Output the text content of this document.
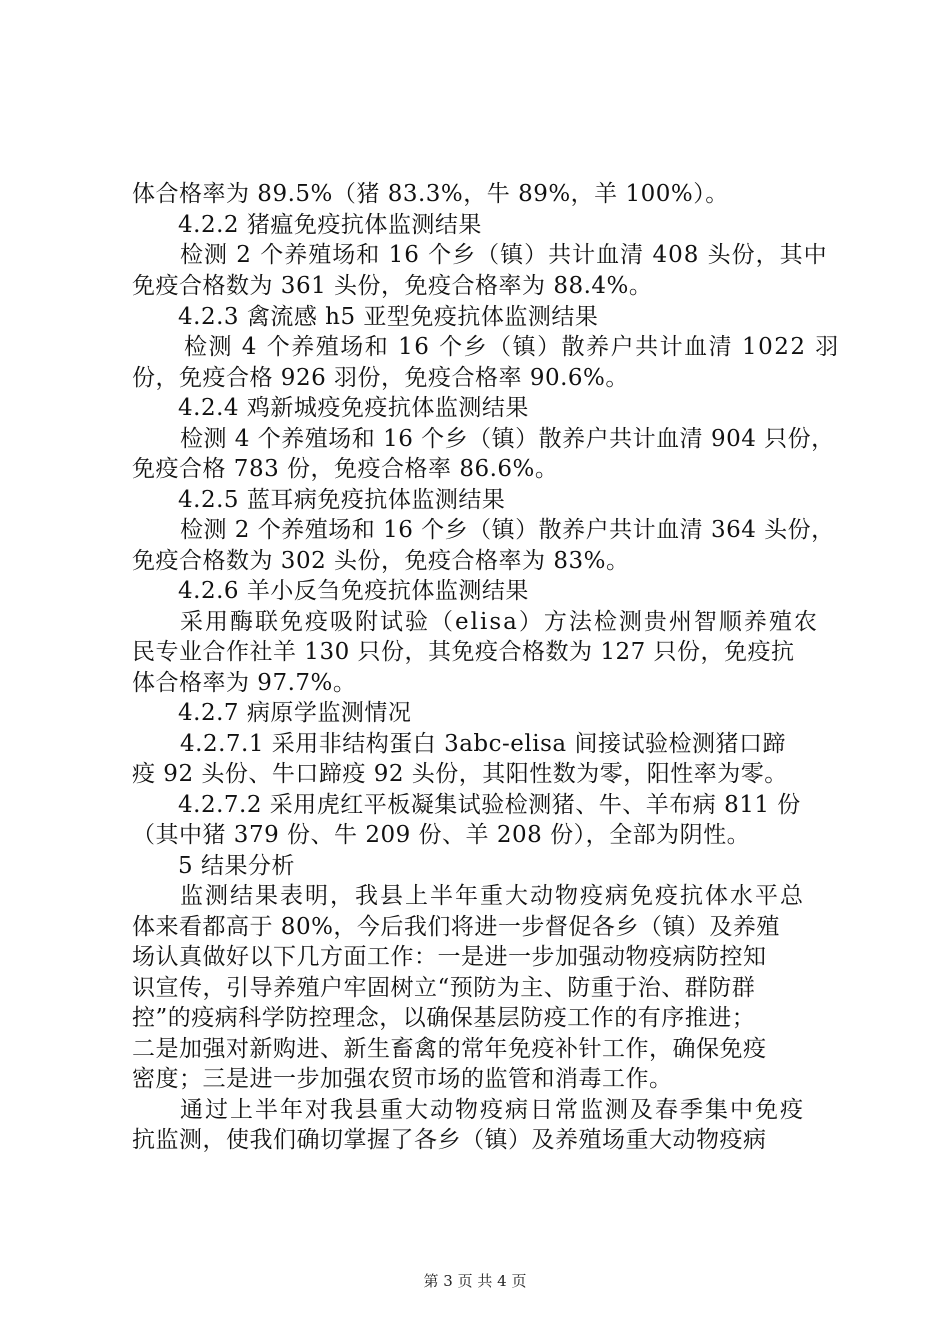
体合格率为 89.5%（猪 83.3%，牛 89%，羊 100%）。
4.2.2 猪瘟免疫抗体监测结果
检测 2 个养殖场和 16 个乡（镇）共计血清 408 头份，其中
免疫合格数为 361 头份，免疫合格率为 88.4%。
4.2.3 禽流感 h5 亚型免疫抗体监测结果
检测 4 个养殖场和 16 个乡（镇）散养户共计血清 1022 羽
份，免疫合格 926 羽份，免疫合格率 90.6%。
4.2.4 鸡新城疫免疫抗体监测结果
检测 4 个养殖场和 16 个乡（镇）散养户共计血清 904 只份，
免疫合格 783 份，免疫合格率 86.6%。
4.2.5 蓝耳病免疫抗体监测结果
检测 2 个养殖场和 16 个乡（镇）散养户共计血清 364 头份，
免疫合格数为 302 头份，免疫合格率为 83%。
4.2.6 羊小反刍免疫抗体监测结果
采用酶联免疫吸附试验（elisa）方法检测贵州智顺养殖农
民专业合作社羊 130 只份，其免疫合格数为 127 只份，免疫抗
体合格率为 97.7%。
4.2.7 病原学监测情况
4.2.7.1 采用非结构蛋白 3abc-elisa 间接试验检测猪口蹄
疫 92 头份、牛口蹄疫 92 头份，其阳性数为零，阳性率为零。
4.2.7.2 采用虎红平板凝集试验检测猪、牛、羊布病 811 份
（其中猪 379 份、牛 209 份、羊 208 份），全部为阴性。
5 结果分析
监测结果表明，我县上半年重大动物疫病免疫抗体水平总
体来看都高于 80%，今后我们将进一步督促各乡（镇）及养殖
场认真做好以下几方面工作：一是进一步加强动物疫病防控知
识宣传，引导养殖户牢固树立“预防为主、防重于治、群防群
控”的疫病科学防控理念，以确保基层防疫工作的有序推进；
二是加强对新购进、新生畜禽的常年免疫补针工作，确保免疫
密度；三是进一步加强农贸市场的监管和消毒工作。
通过上半年对我县重大动物疫病日常监测及春季集中免疫
抗监测，使我们确切掌握了各乡（镇）及养殖场重大动物疫病
第 3 页 共 4 页
